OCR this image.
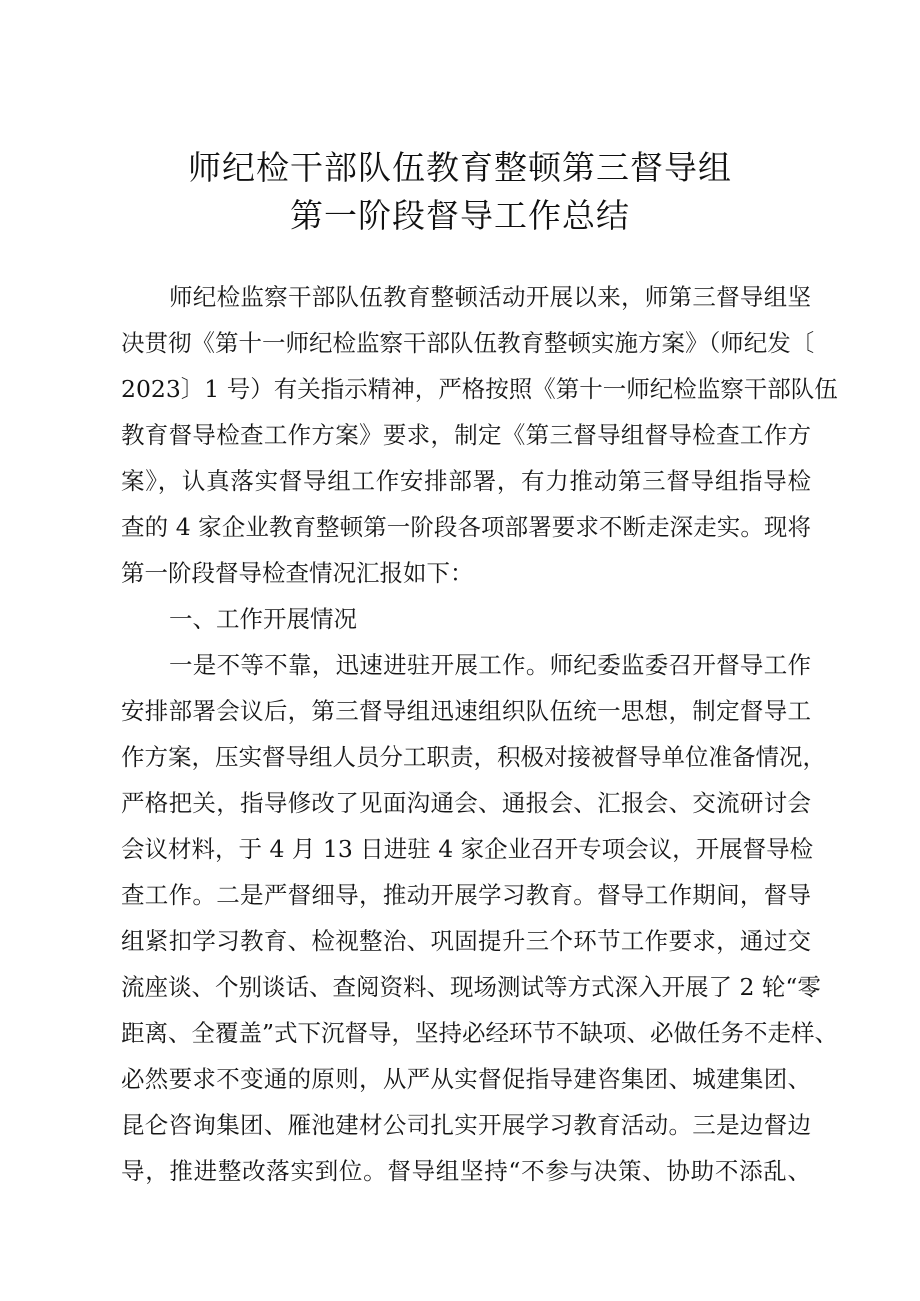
师纪检干部队伍教育整顿第三督导组
第一阶段督导工作总结
师纪检监察干部队伍教育整顿活动开展以来，师第三督导组坚
决贯彻《第十一师纪检监察干部队伍教育整顿实施方案》（师纪发〔
2023〕1 号）有关指示精神，严格按照《第十一师纪检监察干部队伍
教育督导检查工作方案》要求，制定《第三督导组督导检查工作方
案》，认真落实督导组工作安排部署，有力推动第三督导组指导检
查的 4 家企业教育整顿第一阶段各项部署要求不断走深走实。现将
第一阶段督导检查情况汇报如下：
一、工作开展情况
一是不等不靠，迅速进驻开展工作。师纪委监委召开督导工作
安排部署会议后，第三督导组迅速组织队伍统一思想，制定督导工
作方案，压实督导组人员分工职责，积极对接被督导单位准备情况，
严格把关，指导修改了见面沟通会、通报会、汇报会、交流研讨会
会议材料，于 4 月 13 日进驻 4 家企业召开专项会议，开展督导检
查工作。二是严督细导，推动开展学习教育。督导工作期间，督导
组紧扣学习教育、检视整治、巩固提升三个环节工作要求，通过交
流座谈、个别谈话、查阅资料、现场测试等方式深入开展了 2 轮“零
距离、全覆盖”式下沉督导，坚持必经环节不缺项、必做任务不走样、
必然要求不变通的原则，从严从实督促指导建咨集团、城建集团、
昆仑咨询集团、雁池建材公司扎实开展学习教育活动。三是边督边
导，推进整改落实到位。督导组坚持“不参与决策、协助不添乱、
